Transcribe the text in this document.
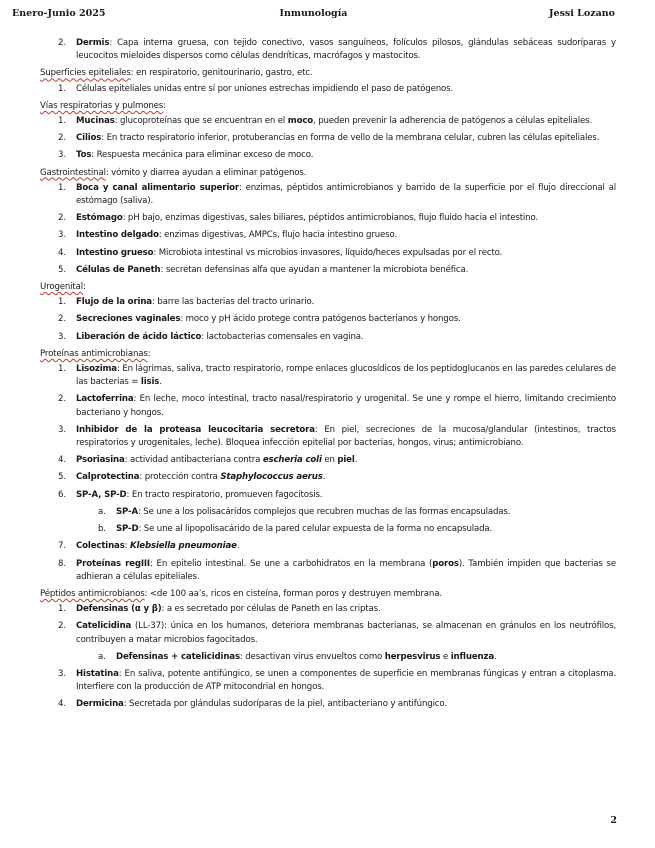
Enero-Junio 2025	Inmunología	Jessi Lozano
2. Dermis: Capa interna gruesa, con tejido conectivo, vasos sanguíneos, folículos pilosos, glándulas sebáceas sudoríparas y leucocitos mieloides dispersos como células dendríticas, macrófagos y mastocitos.
Superficies epiteliales: en respiratorio, genitourinario, gastro, etc.
1. Células epiteliales unidas entre sí por uniones estrechas impidiendo el paso de patógenos.
Vías respiratorias y pulmones:
1. Mucinas: glucoproteínas que se encuentran en el moco, pueden prevenir la adherencia de patógenos a células epiteliales.
2. Cilios: En tracto respiratorio inferior, protuberancias en forma de vello de la membrana celular, cubren las células epiteliales.
3. Tos: Respuesta mecánica para eliminar exceso de moco.
Gastrointestinal: vómito y diarrea ayudan a eliminar patógenos.
1. Boca y canal alimentario superior: enzimas, péptidos antimicrobianos y barrido de la superficie por el flujo direccional al estómago (saliva).
2. Estómago: pH bajo, enzimas digestivas, sales biliares, péptidos antimicrobianos, flujo fluido hacia el intestino.
3. Intestino delgado: enzimas digestivas, AMPCs, flujo hacia intestino grueso.
4. Intestino grueso: Microbiota intestinal vs microbios invasores, líquido/heces expulsadas por el recto.
5. Células de Paneth: secretan defensinas alfa que ayudan a mantener la microbiota benéfica.
Urogenital:
1. Flujo de la orina: barre las bacterias del tracto urinario.
2. Secreciones vaginales: moco y pH ácido protege contra patógenos bacterianos y hongos.
3. Liberación de ácido láctico: lactobacterias comensales en vagina.
Proteínas antimicrobianas:
1. Lisozima: En lágrimas, saliva, tracto respiratorio, rompe enlaces glucosídicos de los peptidoglucanos en las paredes celulares de las bacterias = lisis.
2. Lactoferrina: En leche, moco intestinal, tracto nasal/respiratorio y urogenital. Se une y rompe el hierro, limitando crecimiento bacteriano y hongos.
3. Inhibidor de la proteasa leucocitaria secretora: En piel, secreciones de la mucosa/glandular (intestinos, tractos respiratorios y urogenitales, leche). Bloquea infección epitelial por bacterias, hongos, virus; antimicrobiano.
4. Psoriasina: actividad antibacteriana contra escheria coli en piel.
5. Calprotectina: protección contra Staphylococcus aerus.
6. SP-A, SP-D: En tracto respiratorio, promueven fagocitosis.
a. SP-A: Se une a los polisacáridos complejos que recubren muchas de las formas encapsuladas.
b. SP-D: Se une al lipopolisacárido de la pared celular expuesta de la forma no encapsulada.
7. Colectinas: Klebsiella pneumoniae.
8. Proteínas regIII: En epitelio intestinal. Se une a carbohidratos en la membrana (poros). También impiden que bacterias se adhieran a células epiteliales.
Péptidos antimicrobianos: <de 100 aa’s, ricos en cisteína, forman poros y destruyen membrana.
1. Defensinas (α y β): a es secretado por células de Paneth en las criptas.
2. Catelicidina (LL-37): única en los humanos, deteriora membranas bacterianas, se almacenan en gránulos en los neutrófilos, contribuyen a matar microbios fagocitados.
a. Defensinas + catelicidinas: desactivan virus envueltos como herpesvirus e influenza.
3. Histatina: En saliva, potente antifúngico, se unen a componentes de superficie en membranas fúngicas y entran a citoplasma. Interfiere con la producción de ATP mitocondrial en hongos.
4. Dermicina: Secretada por glándulas sudoríparas de la piel, antibacteriano y antifúngico.
2
